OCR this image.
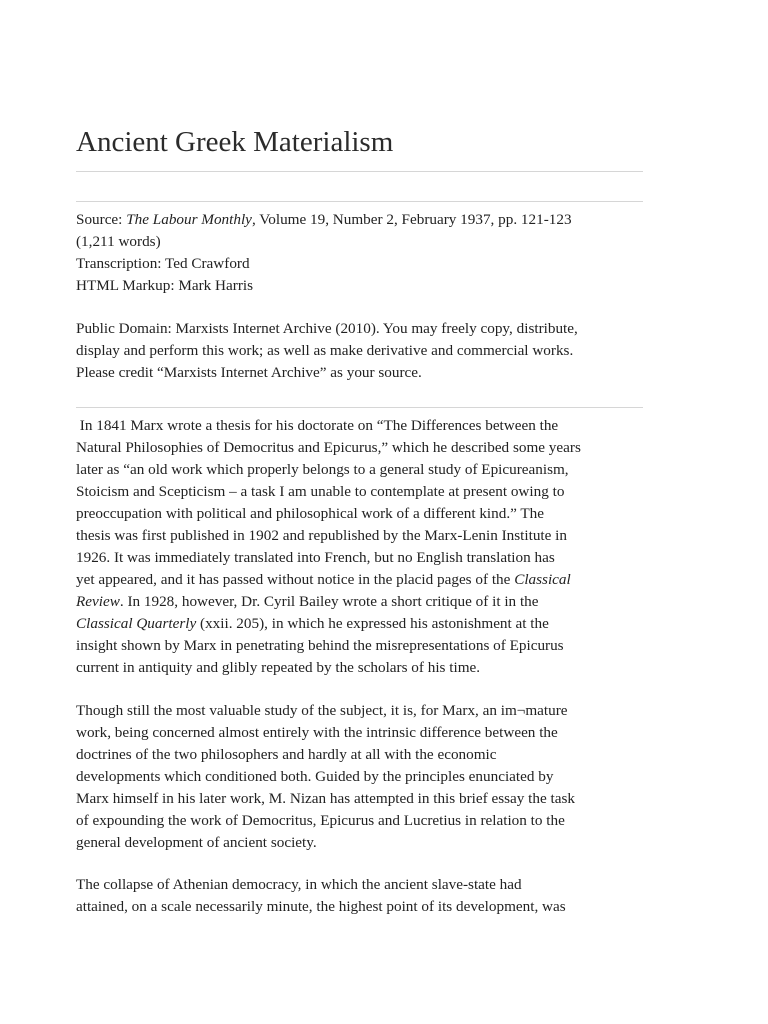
Ancient Greek Materialism
Source: The Labour Monthly, Volume 19, Number 2, February 1937, pp. 121-123
(1,211 words)
Transcription: Ted Crawford
HTML Markup: Mark Harris
Public Domain: Marxists Internet Archive (2010). You may freely copy, distribute,
display and perform this work; as well as make derivative and commercial works.
Please credit “Marxists Internet Archive” as your source.
In 1841 Marx wrote a thesis for his doctorate on “The Differences between the
Natural Philosophies of Democritus and Epicurus,” which he described some years
later as “an old work which properly belongs to a general study of Epicureanism,
Stoicism and Scepticism – a task I am unable to contemplate at present owing to
preoccupation with political and philosophical work of a different kind.” The
thesis was first published in 1902 and republished by the Marx-Lenin Institute in
1926. It was immediately translated into French, but no English translation has
yet appeared, and it has passed without notice in the placid pages of the Classical
Review. In 1928, however, Dr. Cyril Bailey wrote a short critique of it in the
Classical Quarterly (xxii. 205), in which he expressed his astonishment at the
insight shown by Marx in penetrating behind the misrepresentations of Epicurus
current in antiquity and glibly repeated by the scholars of his time.
Though still the most valuable study of the subject, it is, for Marx, an im¬mature
work, being concerned almost entirely with the intrinsic difference between the
doctrines of the two philosophers and hardly at all with the economic
developments which conditioned both. Guided by the principles enunciated by
Marx himself in his later work, M. Nizan has attempted in this brief essay the task
of expounding the work of Democritus, Epicurus and Lucretius in relation to the
general development of ancient society.
The collapse of Athenian democracy, in which the ancient slave-state had
attained, on a scale necessarily minute, the highest point of its development, was
